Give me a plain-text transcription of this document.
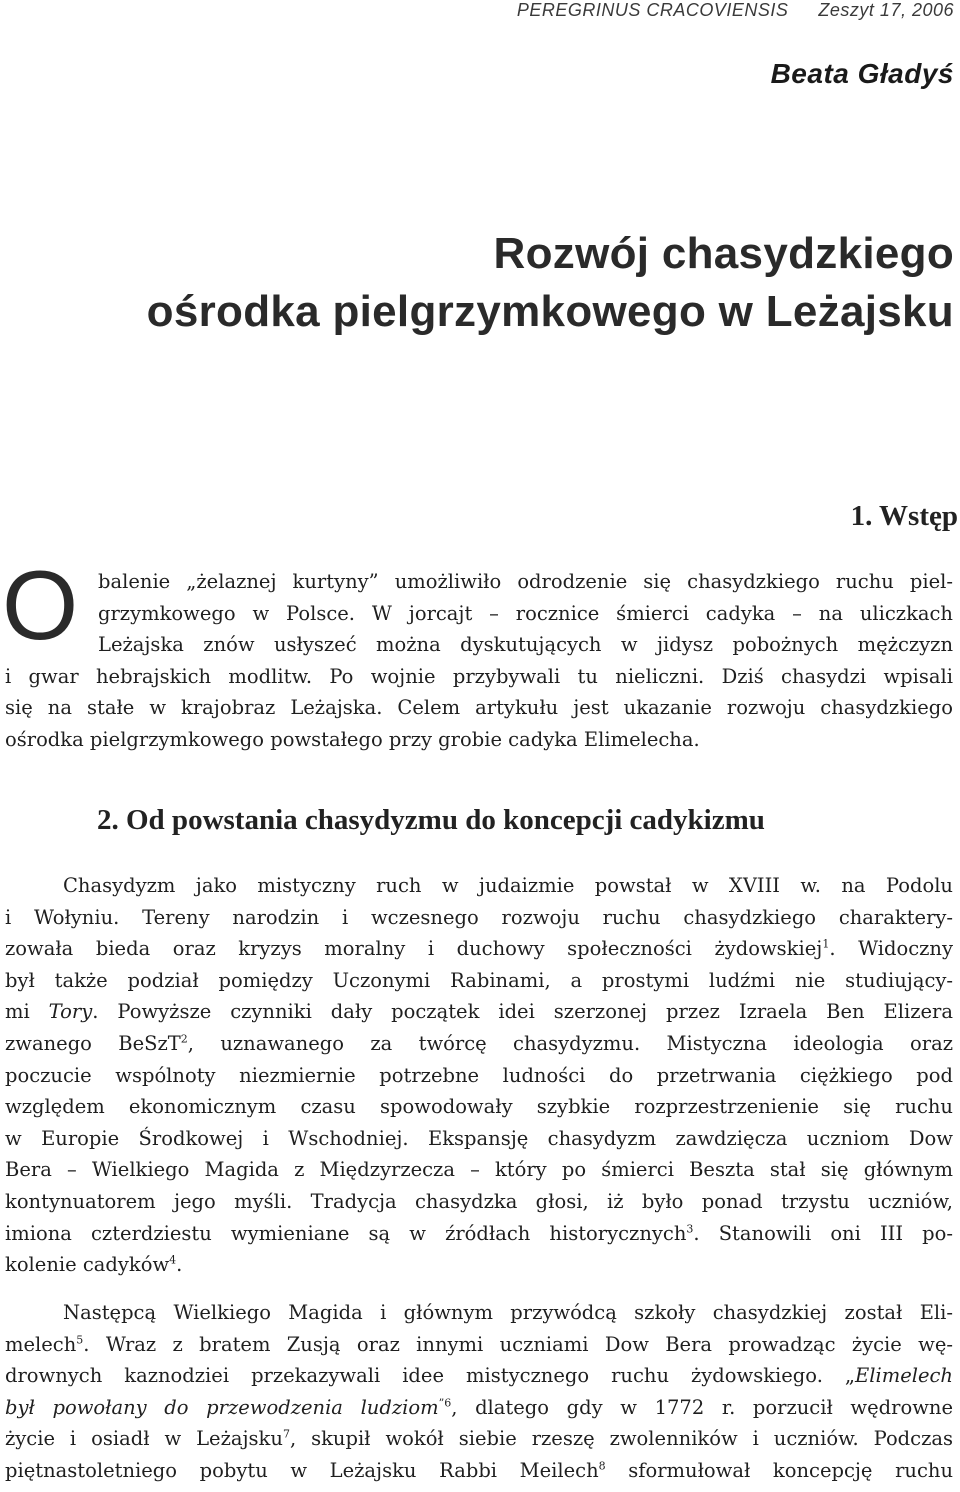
PEREGRINUS CRACOVIENSIS Zeszyt 17, 2006
Beata Gładyś
Rozwój chasydzkiego
ośrodka pielgrzymkowego w Leżajsku
1. Wstęp
O	balenie „żelaznej kurtyny” umożliwiło odrodzenie się chasydzkiego ruchu piel-
grzymkowego w Polsce. W jorcajt – rocznice śmierci cadyka – na uliczkach
Leżajska znów usłyszeć można dyskutujących w jidysz pobożnych mężczyzn
i gwar hebrajskich modlitw. Po wojnie przybywali tu nieliczni. Dziś chasydzi wpisali
się na stałe w krajobraz Leżajska. Celem artykułu jest ukazanie rozwoju chasydzkiego
ośrodka pielgrzymkowego powstałego przy grobie cadyka Elimelecha.
2. Od powstania chasydyzmu do koncepcji cadykizmu
Chasydyzm jako mistyczny ruch w judaizmie powstał w XVIII w. na Podolu
i Wołyniu. Tereny narodzin i wczesnego rozwoju ruchu chasydzkiego charaktery-
zowała bieda oraz kryzys moralny i duchowy społeczności żydowskiej$^1$. Widoczny
był także podział pomiędzy Uczonymi Rabinami, a prostymi ludźmi nie studiujący-
mi Tory. Powyższe czynniki dały początek idei szerzonej przez Izraela Ben Elizera
zwanego BeSzT$^2$, uznawanego za twórcę chasydyzmu. Mistyczna ideologia oraz
poczucie wspólnoty niezmiernie potrzebne ludności do przetrwania ciężkiego pod
względem ekonomicznym czasu spowodowały szybkie rozprzestrzenienie się ruchu
w Europie Środkowej i Wschodniej. Ekspansję chasydyzm zawdzięcza uczniom Dow
Bera – Wielkiego Magida z Międzyrzecza – który po śmierci Beszta stał się głównym
kontynuatorem jego myśli. Tradycja chasydzka głosi, iż było ponad trzystu uczniów,
imiona czterdziestu wymieniane są w źródłach historycznych$^3$. Stanowili oni III po-
kolenie cadyków$^4$.
Następcą Wielkiego Magida i głównym przywódcą szkoły chasydzkiej został Eli-
melech$^5$. Wraz z bratem Zusją oraz innymi uczniami Dow Bera prowadząc życie wę-
drownych kaznodziei przekazywali idee mistycznego ruchu żydowskiego. „Elimelech
był powołany do przewodzenia ludziom$^{”6}$, dlatego gdy w 1772 r. porzucił wędrowne
życie i osiadł w Leżajsku$^7$, skupił wokół siebie rzeszę zwolenników i uczniów. Podczas
piętnastoletniego pobytu w Leżajsku Rabbi Meilech$^8$ sformułował koncepcję ruchu
